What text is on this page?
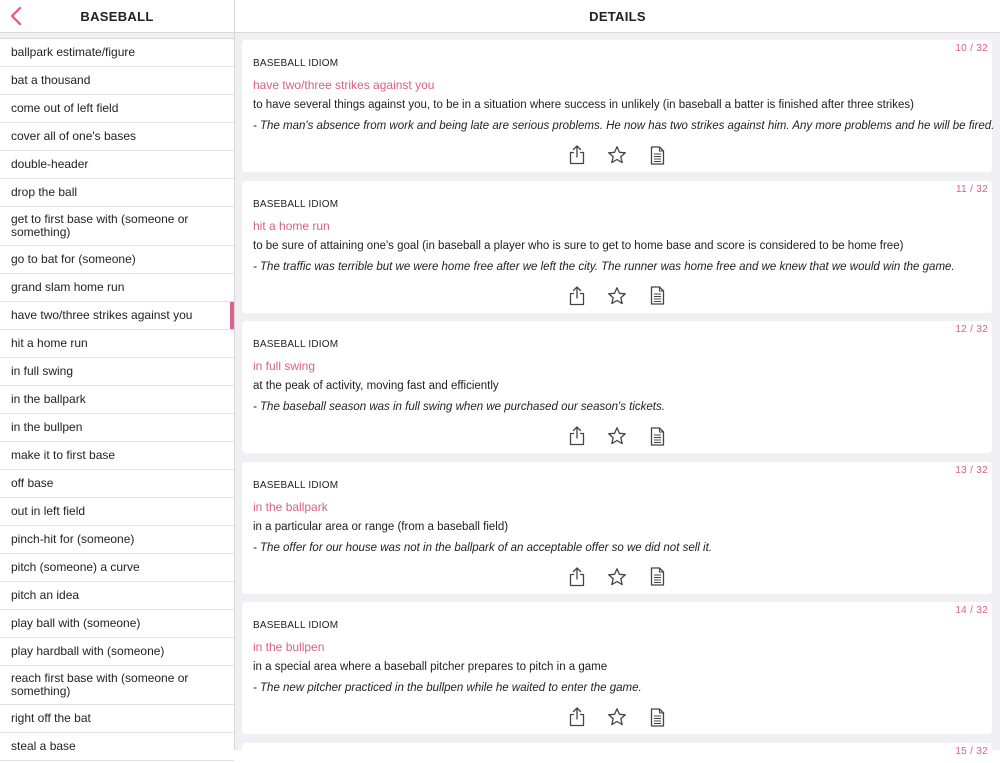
BASEBALL
ballpark estimate/figure
bat a thousand
come out of left field
cover all of one's bases
double-header
drop the ball
get to first base with (someone or something)
go to bat for (someone)
grand slam home run
have two/three strikes against you
hit a home run
in full swing
in the ballpark
in the bullpen
make it to first base
off base
out in left field
pinch-hit for (someone)
pitch (someone) a curve
pitch an idea
play ball with (someone)
play hardball with (someone)
reach first base with (someone or something)
right off the bat
steal a base
DETAILS
10 / 32
BASEBALL IDIOM
have two/three strikes against you
to have several things against you, to be in a situation where success in unlikely (in baseball a batter is finished after three strikes)
- The man's absence from work and being late are serious problems. He now has two strikes against him. Any more problems and he will be fired.
11 / 32
BASEBALL IDIOM
hit a home run
to be sure of attaining one's goal (in baseball a player who is sure to get to home base and score is considered to be home free)
- The traffic was terrible but we were home free after we left the city. The runner was home free and we knew that we would win the game.
12 / 32
BASEBALL IDIOM
in full swing
at the peak of activity, moving fast and efficiently
- The baseball season was in full swing when we purchased our season's tickets.
13 / 32
BASEBALL IDIOM
in the ballpark
in a particular area or range (from a baseball field)
- The offer for our house was not in the ballpark of an acceptable offer so we did not sell it.
14 / 32
BASEBALL IDIOM
in the bullpen
in a special area where a baseball pitcher prepares to pitch in a game
- The new pitcher practiced in the bullpen while he waited to enter the game.
15 / 32
